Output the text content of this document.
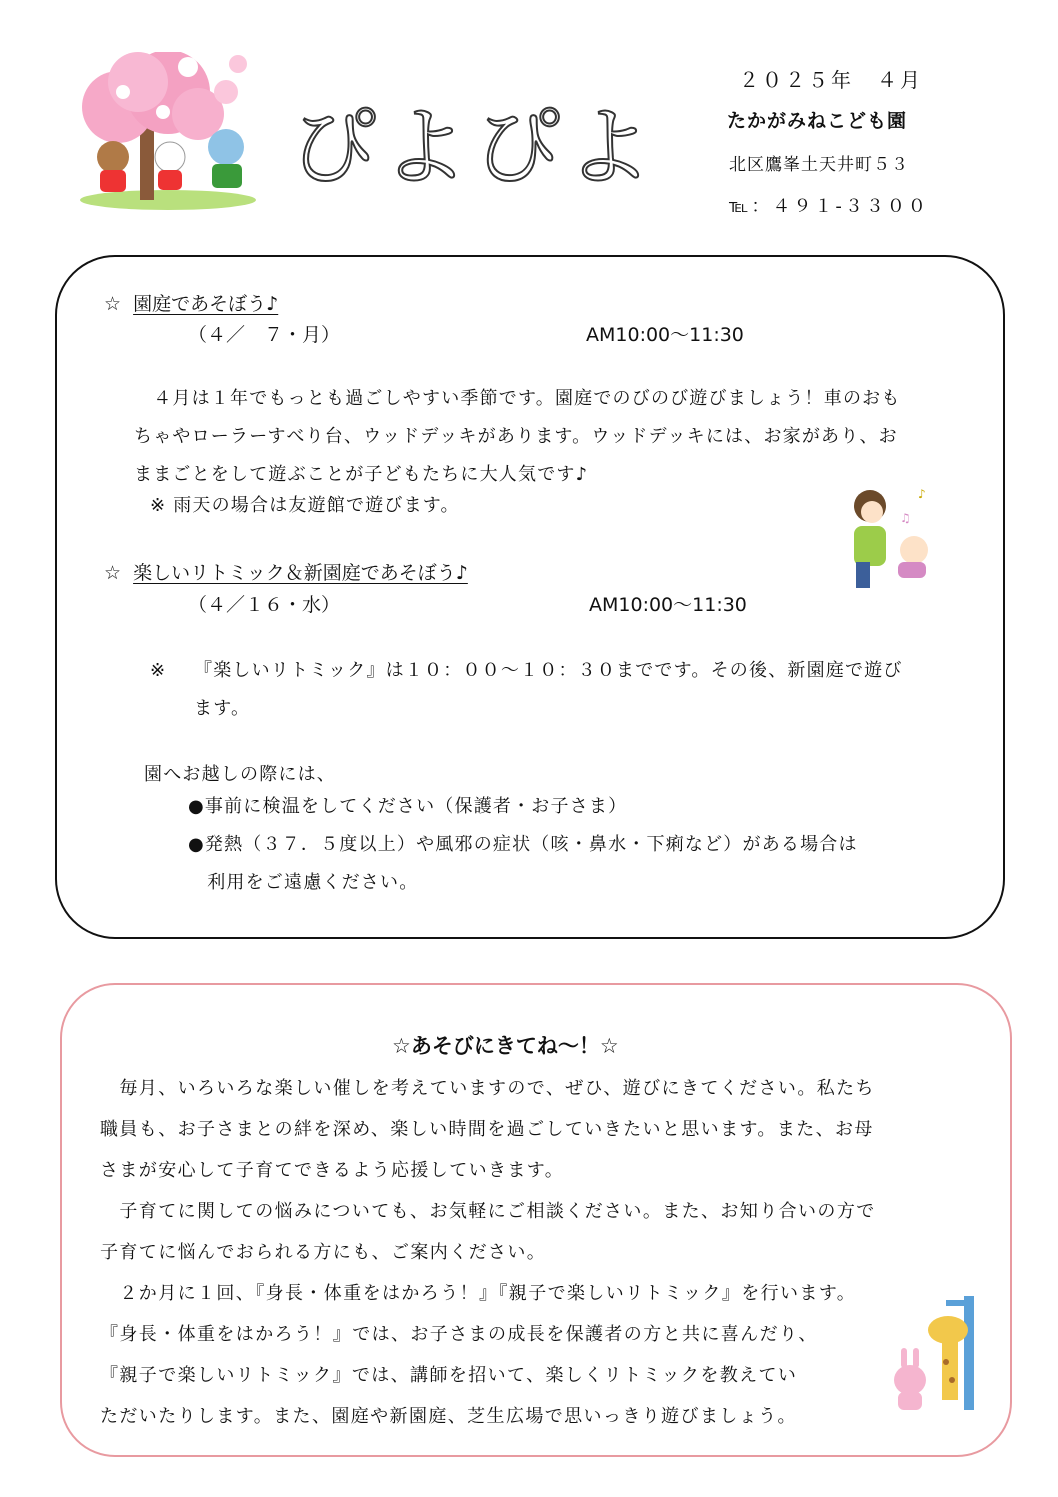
ぴよぴよ
２０２５年　４月
たかがみねこども園
北区鷹峯土天井町５３
℡：４９１-３３００
☆ 園庭であそぼう♪
（４／　７・月）	AM10:00～11:30
　４月は１年でもっとも過ごしやすい季節です。園庭でのびのび遊びましょう！車のおも
ちゃやローラーすべり台、ウッドデッキがあります。ウッドデッキには、お家があり、お
ままごとをして遊ぶことが子どもたちに大人気です♪
※ 雨天の場合は友遊館で遊びます。
♪
♫
☆ 楽しいリトミック＆新園庭であそぼう♪
（４／１６・水）	AM10:00～11:30
※ 『楽しいリトミック』は１０：００～１０：３０までです。その後、新園庭で遊び
ます。
園へお越しの際には、
●事前に検温をしてください（保護者・お子さま）
●発熱（３７．５度以上）や風邪の症状（咳・鼻水・下痢など）がある場合は
　利用をご遠慮ください。
☆あそびにきてね～！☆
　毎月、いろいろな楽しい催しを考えていますので、ぜひ、遊びにきてください。私たち
職員も、お子さまとの絆を深め、楽しい時間を過ごしていきたいと思います。また、お母
さまが安心して子育てできるよう応援していきます。
　子育てに関しての悩みについても、お気軽にご相談ください。また、お知り合いの方で
子育てに悩んでおられる方にも、ご案内ください。
　２か月に１回、『身長・体重をはかろう！』『親子で楽しいリトミック』を行います。
『身長・体重をはかろう！』では、お子さまの成長を保護者の方と共に喜んだり、
『親子で楽しいリトミック』では、講師を招いて、楽しくリトミックを教えてい
ただいたりします。また、園庭や新園庭、芝生広場で思いっきり遊びましょう。
